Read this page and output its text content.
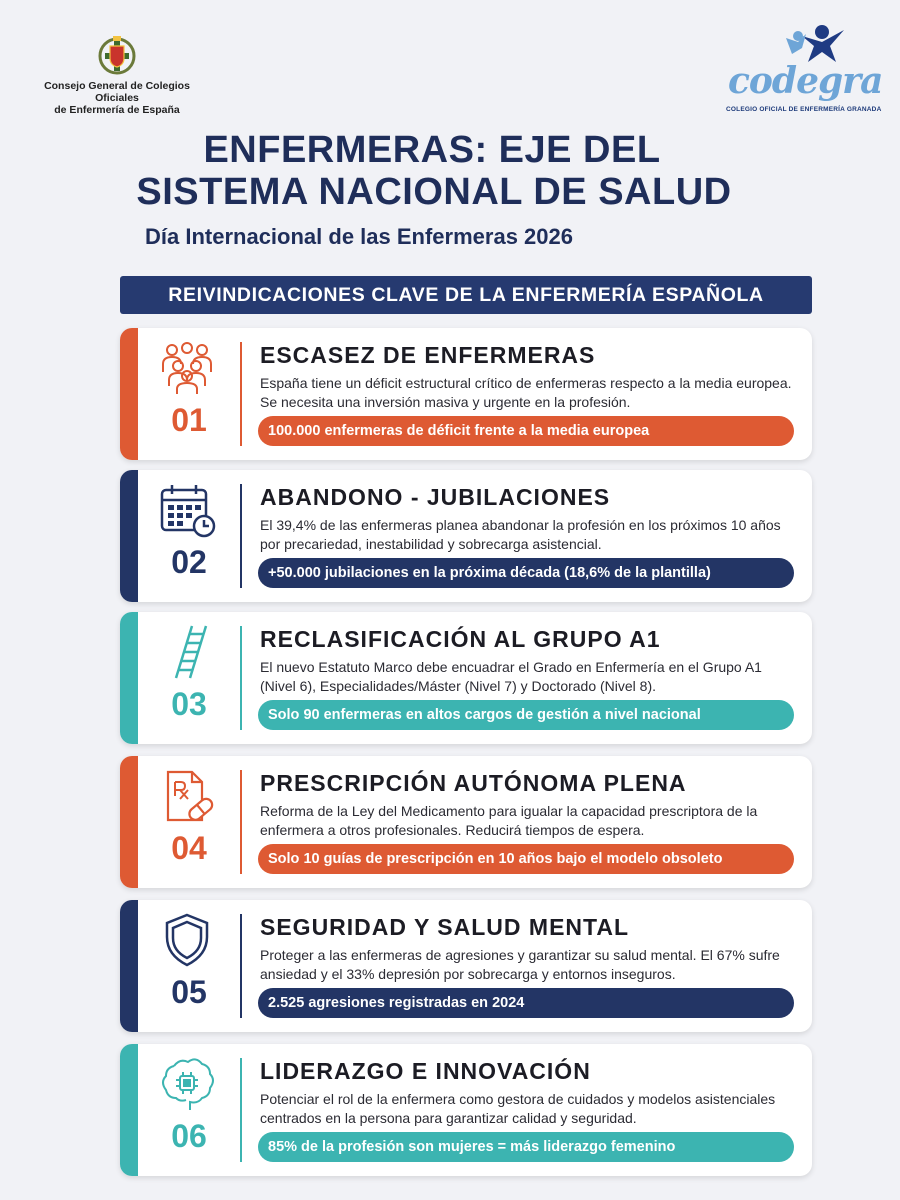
Consejo General de Colegios Oficiales
de Enfermería de España
codegra
COLEGIO OFICIAL DE ENFERMERÍA GRANADA
ENFERMERAS: EJE DEL
SISTEMA NACIONAL DE SALUD
Día Internacional de las Enfermeras 2026
REIVINDICACIONES CLAVE DE LA ENFERMERÍA ESPAÑOLA
01
ESCASEZ DE ENFERMERAS
España tiene un déficit estructural crítico de enfermeras respecto a la media europea. Se necesita una inversión masiva y urgente en la profesión.
100.000 enfermeras de déficit frente a la media europea
02
ABANDONO - JUBILACIONES
El 39,4% de las enfermeras planea abandonar la profesión en los próximos 10 años por precariedad, inestabilidad y sobrecarga asistencial.
+50.000 jubilaciones en la próxima década (18,6% de la plantilla)
03
RECLASIFICACIÓN AL GRUPO A1
El nuevo Estatuto Marco debe encuadrar el Grado en Enfermería en el Grupo A1 (Nivel 6), Especialidades/Máster (Nivel 7) y Doctorado (Nivel 8).
Solo 90 enfermeras en altos cargos de gestión a nivel nacional
04
PRESCRIPCIÓN AUTÓNOMA PLENA
Reforma de la Ley del Medicamento para igualar la capacidad prescriptora de la enfermera a otros profesionales. Reducirá tiempos de espera.
Solo 10 guías de prescripción en 10 años bajo el modelo obsoleto
05
SEGURIDAD Y SALUD MENTAL
Proteger a las enfermeras de agresiones y garantizar su salud mental. El 67% sufre ansiedad y el 33% depresión por sobrecarga y entornos inseguros.
2.525 agresiones registradas en 2024
06
LIDERAZGO E INNOVACIÓN
Potenciar el rol de la enfermera como gestora de cuidados y modelos asistenciales centrados en la persona para garantizar calidad y seguridad.
85% de la profesión son mujeres = más liderazgo femenino
